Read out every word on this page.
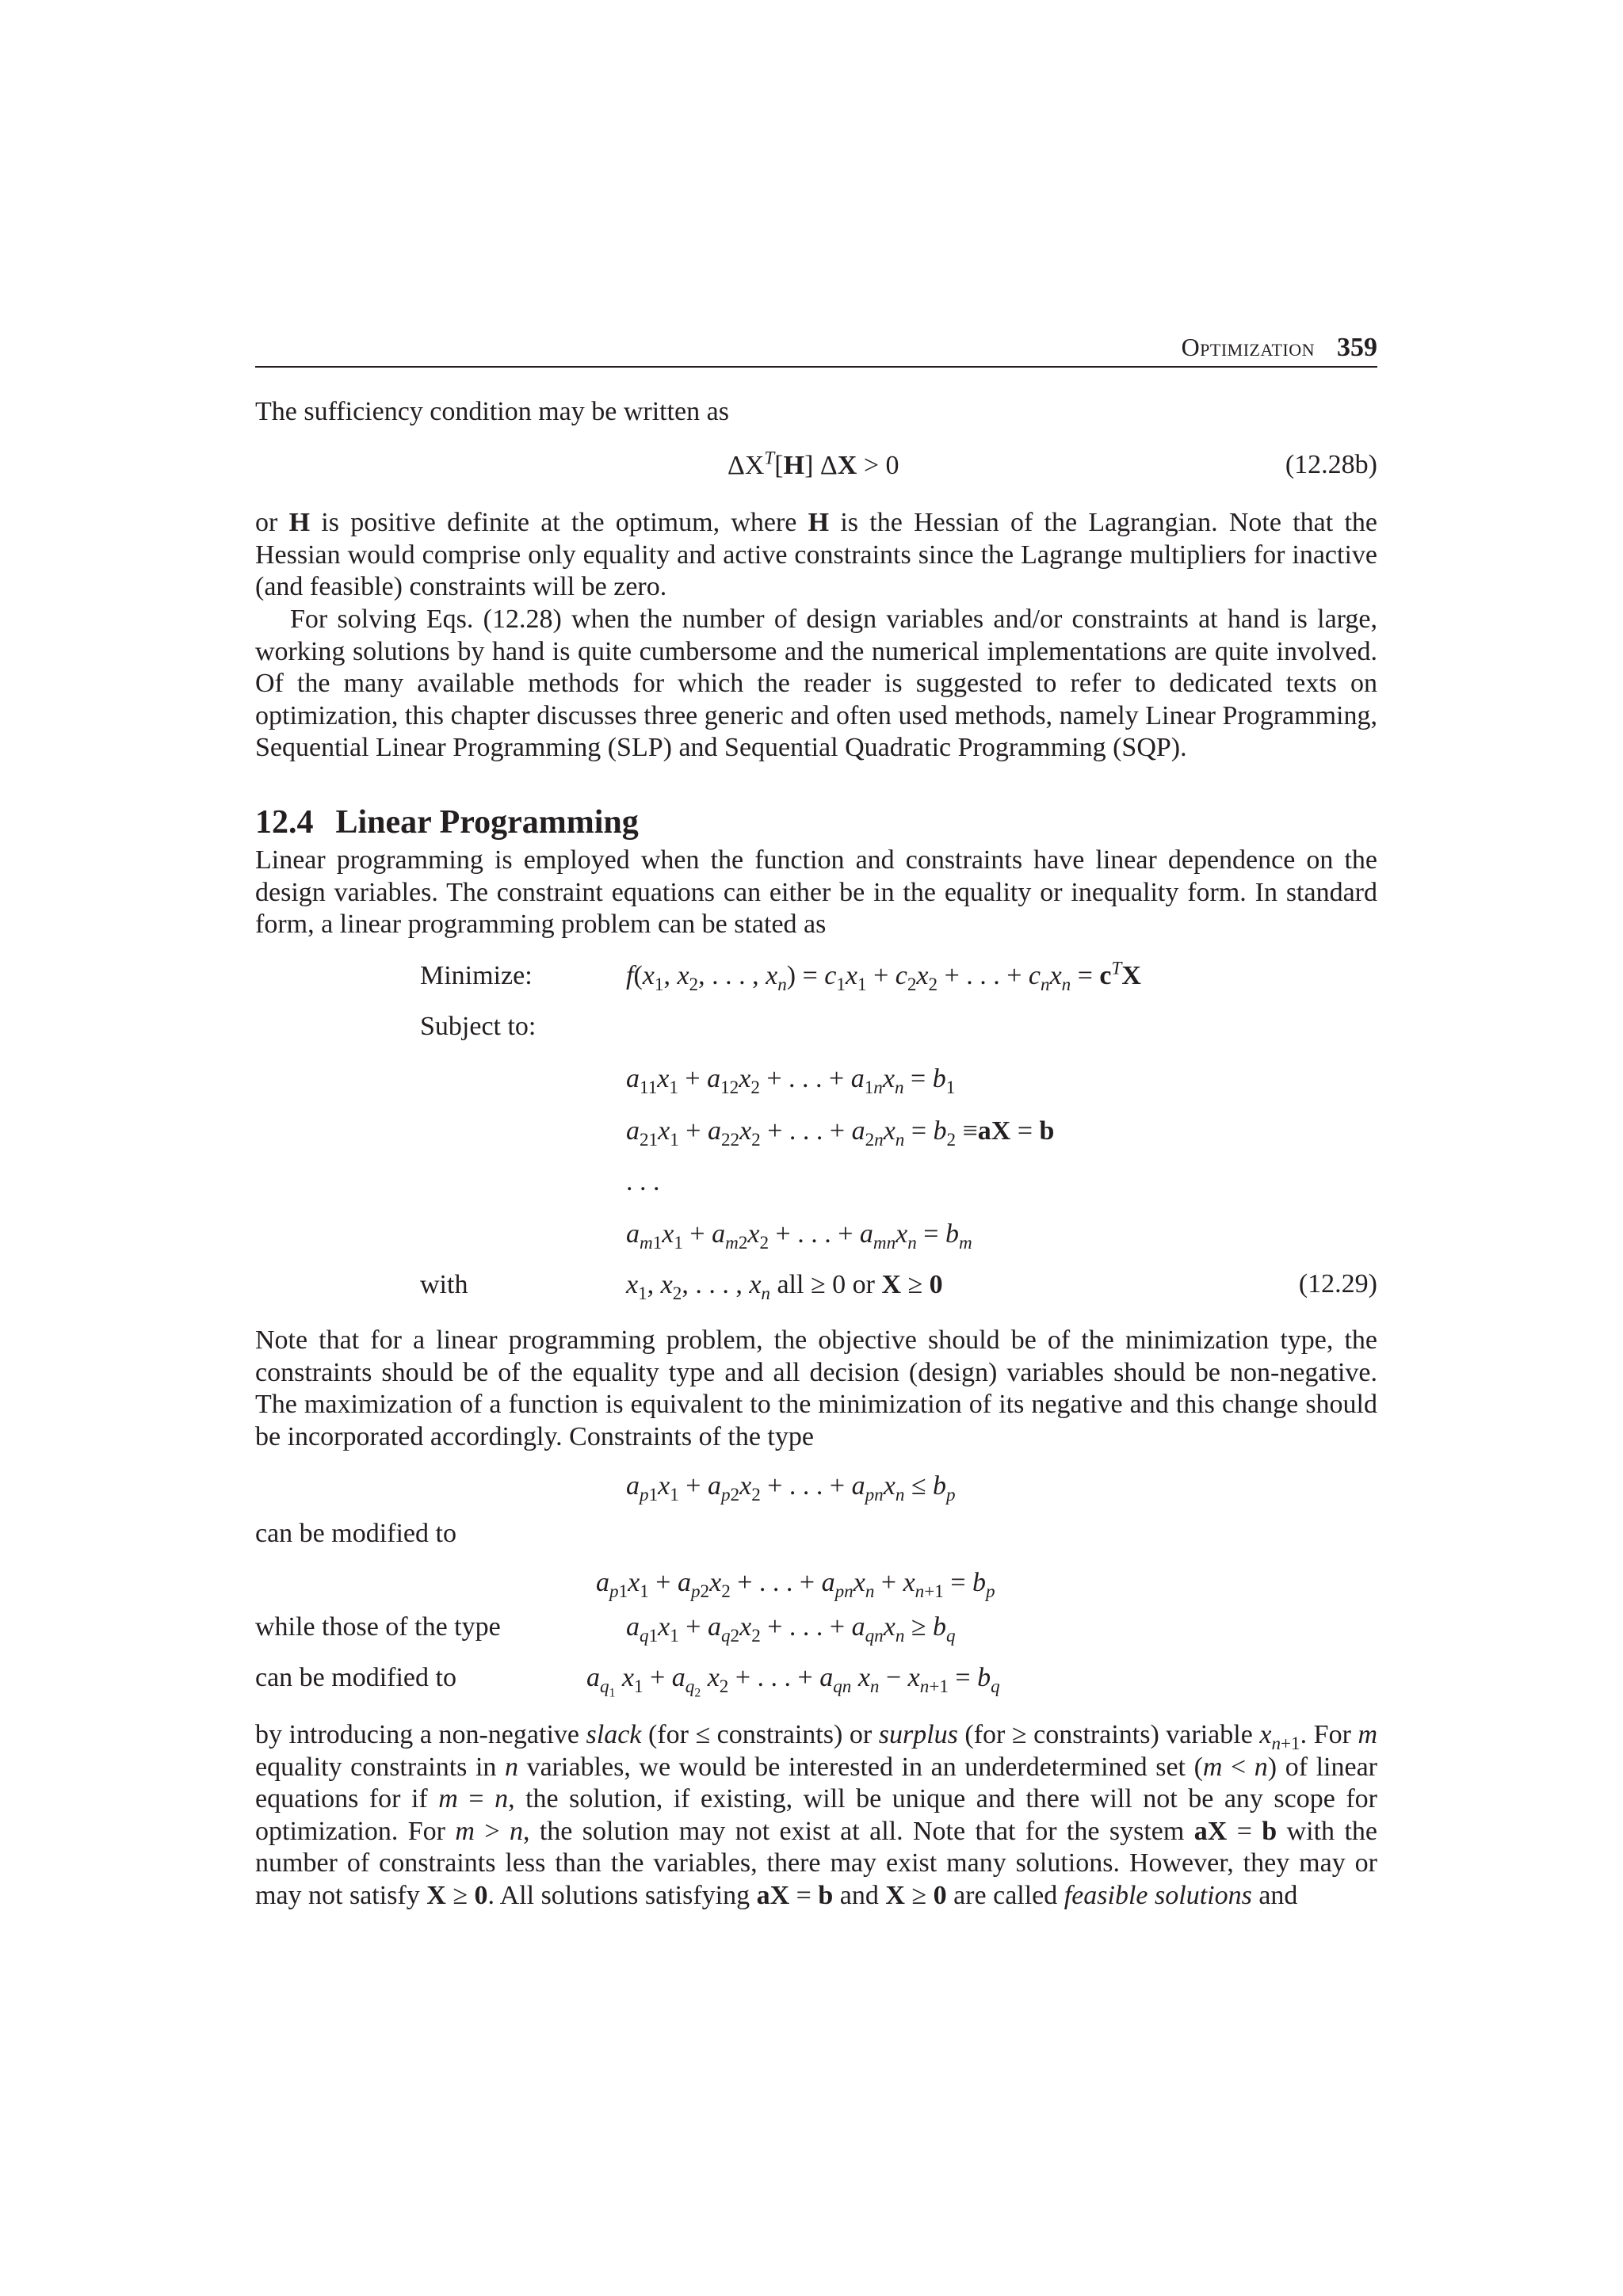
Optimization 359
The sufficiency condition may be written as
$\Delta X^T[H] \Delta X > 0$	(12.28b)
or H is positive definite at the optimum, where H is the Hessian of the Lagrangian. Note that the Hessian would comprise only equality and active constraints since the Lagrange multipliers for inactive (and feasible) constraints will be zero.
For solving Eqs. (12.28) when the number of design variables and/or constraints at hand is large, working solutions by hand is quite cumbersome and the numerical implementations are quite involved. Of the many available methods for which the reader is suggested to refer to dedicated texts on optimization, this chapter discusses three generic and often used methods, namely Linear Programming, Sequential Linear Programming (SLP) and Sequential Quadratic Programming (SQP).
12.4 Linear Programming
Linear programming is employed when the function and constraints have linear dependence on the design variables. The constraint equations can either be in the equality or inequality form. In standard form, a linear programming problem can be stated as
Minimize:	$f(x_1$, $x_2$, . . . , $x_n) = c_1x_1 + c_2x_2$ + . . . + $c_nx_n = c^TX$
Subject to:
$a_{11}x_1 + a_{12}x_2$ + . . . + $a_{1n}x_n = b_1$
$a_{21}x_1 + a_{22}x_2$ + . . . + $a_{2n}x_n = b_2 \equiv aX = b$
. . .
$a_{m1}x_1 + a_{m2}x_2$ + . . . + $a_{mn}x_n = b_m$
with	$x_1$, $x_2$, . . . , $x_n$ all ≥ 0 or X ≥ 0	(12.29)
Note that for a linear programming problem, the objective should be of the minimization type, the constraints should be of the equality type and all decision (design) variables should be non-negative. The maximization of a function is equivalent to the minimization of its negative and this change should be incorporated accordingly. Constraints of the type
$a_{p1}x_1 + a_{p2}x_2$ + . . . + $a_{pn}x_n \le b_p$
can be modified to
$a_{p1}x_1 + a_{p2}x_2$ + . . . + $a_{pn}x_n + x_{n+1} = b_p$
while those of the type	$a_{q1}x_1 + a_{q2}x_2$ + . . . + $a_{qn}x_n \ge b_q$
can be modified to	$a_{q_1}$ $x_1 + a_{q_2}$ $x_2$ + . . . + $a_{qn}$ $x_n - x_{n+1} = b_q$
by introducing a non-negative slack (for ≤ constraints) or surplus (for ≥ constraints) variable $x_{n+1}$. For m equality constraints in n variables, we would be interested in an underdetermined set (m < n) of linear equations for if m = n, the solution, if existing, will be unique and there will not be any scope for optimization. For m > n, the solution may not exist at all. Note that for the system aX = b with the number of constraints less than the variables, there may exist many solutions. However, they may or may not satisfy X ≥ 0. All solutions satisfying aX = b and X ≥ 0 are called feasible solutions and
